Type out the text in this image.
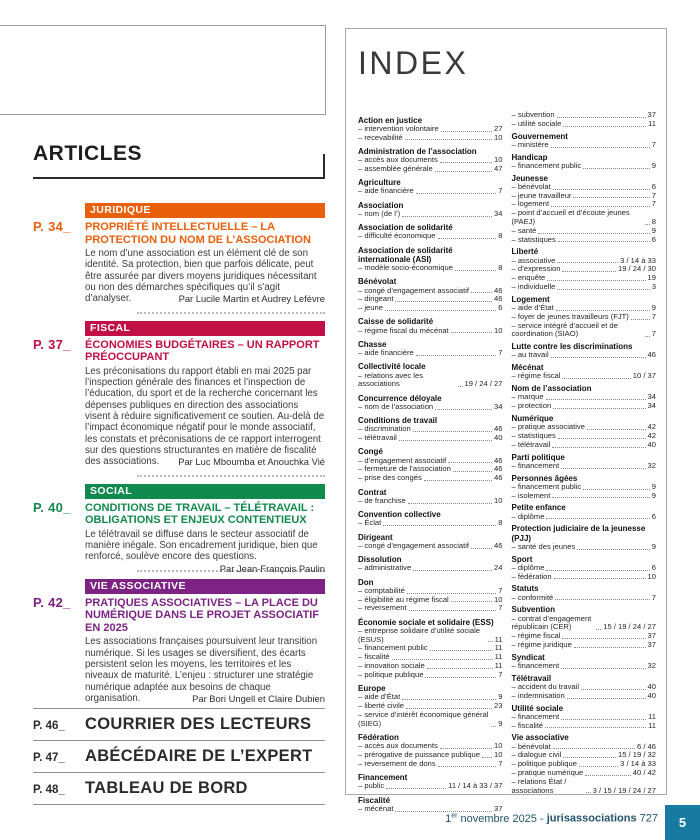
ARTICLES
P. 34_
JURIDIQUE
PROPRIÉTÉ INTELLECTUELLE – LA PROTECTION DU NOM DE L’ASSOCIATION
Le nom d’une association est un élément clé de son identité. Sa protection, bien que parfois délicate, peut être assurée par divers moyens juridiques nécessitant ou non des démarches spécifiques qu’il s’agit d’analyser.	Par Lucile Martin et Audrey Lefèvre
P. 37_
FISCAL
ÉCONOMIES BUDGÉTAIRES – UN RAPPORT PRÉOCCUPANT
Les préconisations du rapport établi en mai 2025 par l’inspection générale des finances et l’inspection de l’éducation, du sport et de la recherche concernant les dépenses publiques en direction des associations visent à réduire significativement ce soutien. Au-delà de l’impact économique négatif pour le monde associatif, les constats et préconisations de ce rapport interrogent sur des questions structurantes en matière de fiscalité des associations.	Par Luc Mboumba et Anouchka Vié
P. 40_
SOCIAL
CONDITIONS DE TRAVAIL – TÉLÉTRAVAIL : OBLIGATIONS ET ENJEUX CONTENTIEUX
Le télétravail se diffuse dans le secteur associatif de manière inégale. Son encadrement juridique, bien que renforcé, soulève encore des questions.
Par Jean-François Paulin
P. 42_
VIE ASSOCIATIVE
PRATIQUES ASSOCIATIVES – LA PLACE DU NUMÉRIQUE DANS LE PROJET ASSOCIATIF EN 2025
Les associations françaises poursuivent leur transition numérique. Si les usages se diversifient, des écarts persistent selon les moyens, les territoires et les niveaux de maturité. L’enjeu : structurer une stratégie numérique adaptée aux besoins de chaque organisation.	Par Bori Ungell et Claire Dubien
P. 46_	COURRIER DES LECTEURS
P. 47_	ABÉCÉDAIRE DE L’EXPERT
P. 48_	TABLEAU DE BORD
INDEX
Action en justice
– intervention volontaire	27
– recevabilité	10
Administration de l’association
– accès aux documents	10
– assemblée générale	47
Agriculture
– aide financière	7
Association
– nom (de l’)	34
Association de solidarité
– difficulté économique	8
Association de solidarité internationale (ASI)
– modèle socio-économique	8
Bénévolat
– congé d’engagement associatif	46
– dirigeant	46
– jeune	6
Caisse de solidarité
– régime fiscal du mécénat	10
Chasse
– aide financière	7
Collectivité locale
– relations avec les associations	19 / 24 / 27
Concurrence déloyale
– nom de l’association	34
Conditions de travail
– discrimination	46
– télétravail	40
Congé
– d’engagement associatif	46
– fermeture de l’association	46
– prise des congés	46
Contrat
– de franchise	10
Convention collective
– Éclat	8
Dirigeant
– congé d’engagement associatif	46
Dissolution
– administrative	24
Don
– comptabilité	7
– éligibilité au régime fiscal	10
– reversement	7
Économie sociale et solidaire (ESS)
– entreprise solidaire d’utilité sociale (ESUS)	11
– financement public	11
– fiscalité	11
– innovation sociale	11
– politique publique	7
Europe
– aide d’État	9
– liberté civile	23
– service d’intérêt économique général (SIEG)	9
Fédération
– accès aux documents	10
– prérogative de puissance publique 10
– reversement de dons	7
Financement
– public	11 / 14 à 33 / 37
Fiscalité
– mécénat	37
– subvention	37
– utilité sociale	11
Gouvernement
– ministère	7
Handicap
– financement public	9
Jeunesse
– bénévolat	6
– jeune travailleur	7
– logement	7
– point d’accueil et d’écoute jeunes (PAEJ)	8
– santé	9
– statistiques	6
Liberté
– associative	3 / 14 à 33
– d’expression	19 / 24 / 30
– enquête	19
– individuelle	3
Logement
– aide d’État	9
– foyer de jeunes travailleurs (FJT)	7
– service intégré d’accueil et de coordination (SIAO)	7
Lutte contre les discriminations
– au travail	46
Mécénat
– régime fiscal	10 / 37
Nom de l’association
– marque	34
– protection	34
Numérique
– pratique associative	42
– statistiques	42
– télétravail	40
Parti politique
– financement	32
Personnes âgées
– financement public	9
– isolement	9
Petite enfance
– diplôme	6
Protection judiciaire de la jeunesse (PJJ)
– santé des jeunes	9
Sport
– diplôme	6
– fédération	10
Statuts
– conformité	7
Subvention
– contrat d’engagement républicain (CER)	15 / 19 / 24 / 27
– régime fiscal	37
– régime juridique	37
Syndicat
– financement	32
Télétravail
– accident du travail	40
– indemnisation	40
Utilité sociale
– financement	11
– fiscalité	11
Vie associative
– bénévolat	6 / 46
– dialogue civil	15 / 19 / 32
– politique publique	3 / 14 à 33
– pratique numérique	40 / 42
– relations État / associations	3 / 15 / 19 / 24 / 27
1er novembre 2025 - jurisassociations 727	5
